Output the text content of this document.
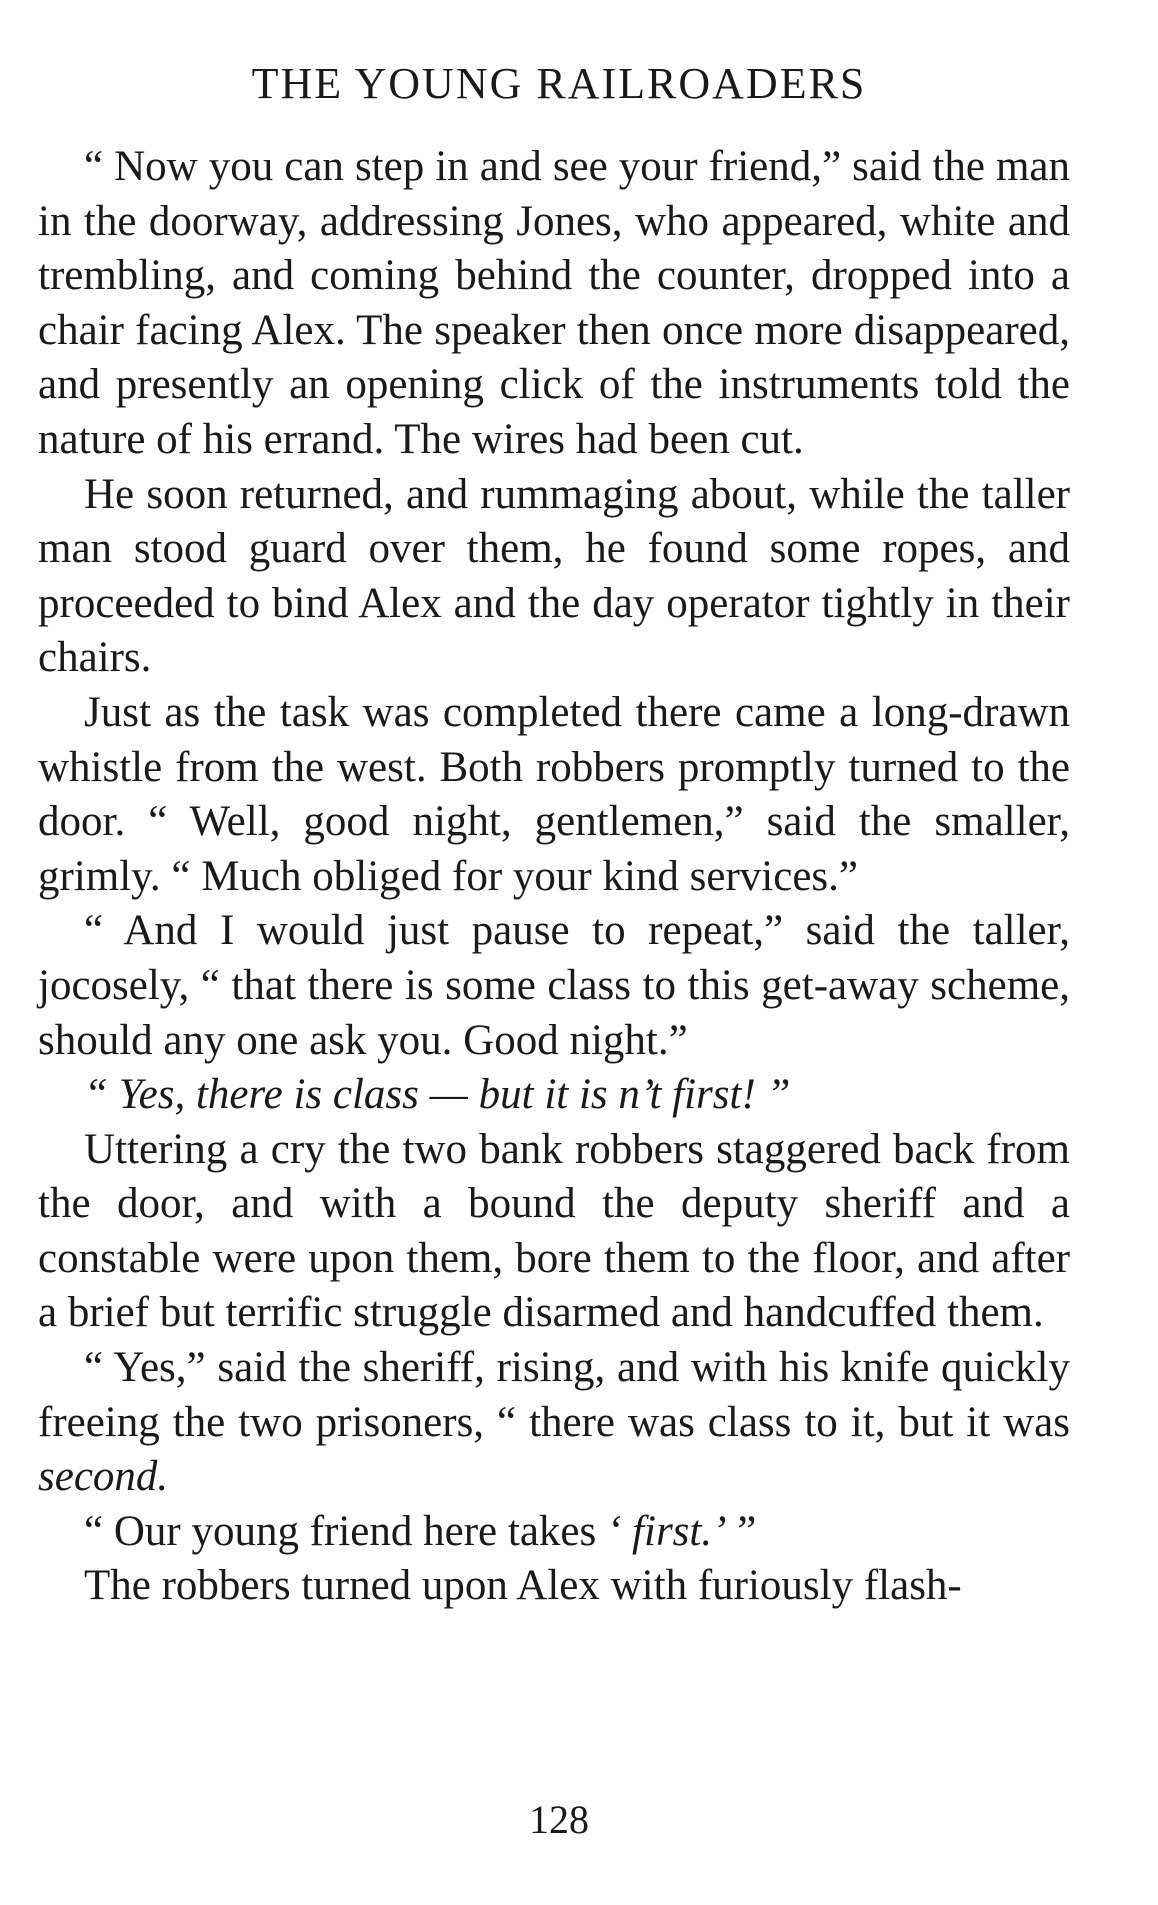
THE YOUNG RAILROADERS

“ Now you can step in and see your friend,” said the man in the doorway, addressing Jones, who appeared, white and trembling, and coming behind the counter, dropped into a chair facing Alex. The speaker then once more disappeared, and presently an opening click of the instruments told the nature of his errand. The wires had been cut.

He soon returned, and rummaging about, while the taller man stood guard over them, he found some ropes, and proceeded to bind Alex and the day operator tightly in their chairs.

Just as the task was completed there came a long-drawn whistle from the west. Both robbers promptly turned to the door. “ Well, good night, gentlemen,” said the smaller, grimly. “ Much obliged for your kind services.”

“ And I would just pause to repeat,” said the taller, jocosely, “ that there is some class to this get-away scheme, should any one ask you. Good night.”

“ Yes, there is class — but it is n’t first! ”

Uttering a cry the two bank robbers staggered back from the door, and with a bound the deputy sheriff and a constable were upon them, bore them to the floor, and after a brief but terrific struggle disarmed and handcuffed them.

“ Yes,” said the sheriff, rising, and with his knife quickly freeing the two prisoners, “ there was class to it, but it was second.

“ Our young friend here takes ‘ first.’ ”

The robbers turned upon Alex with furiously flash-

128
